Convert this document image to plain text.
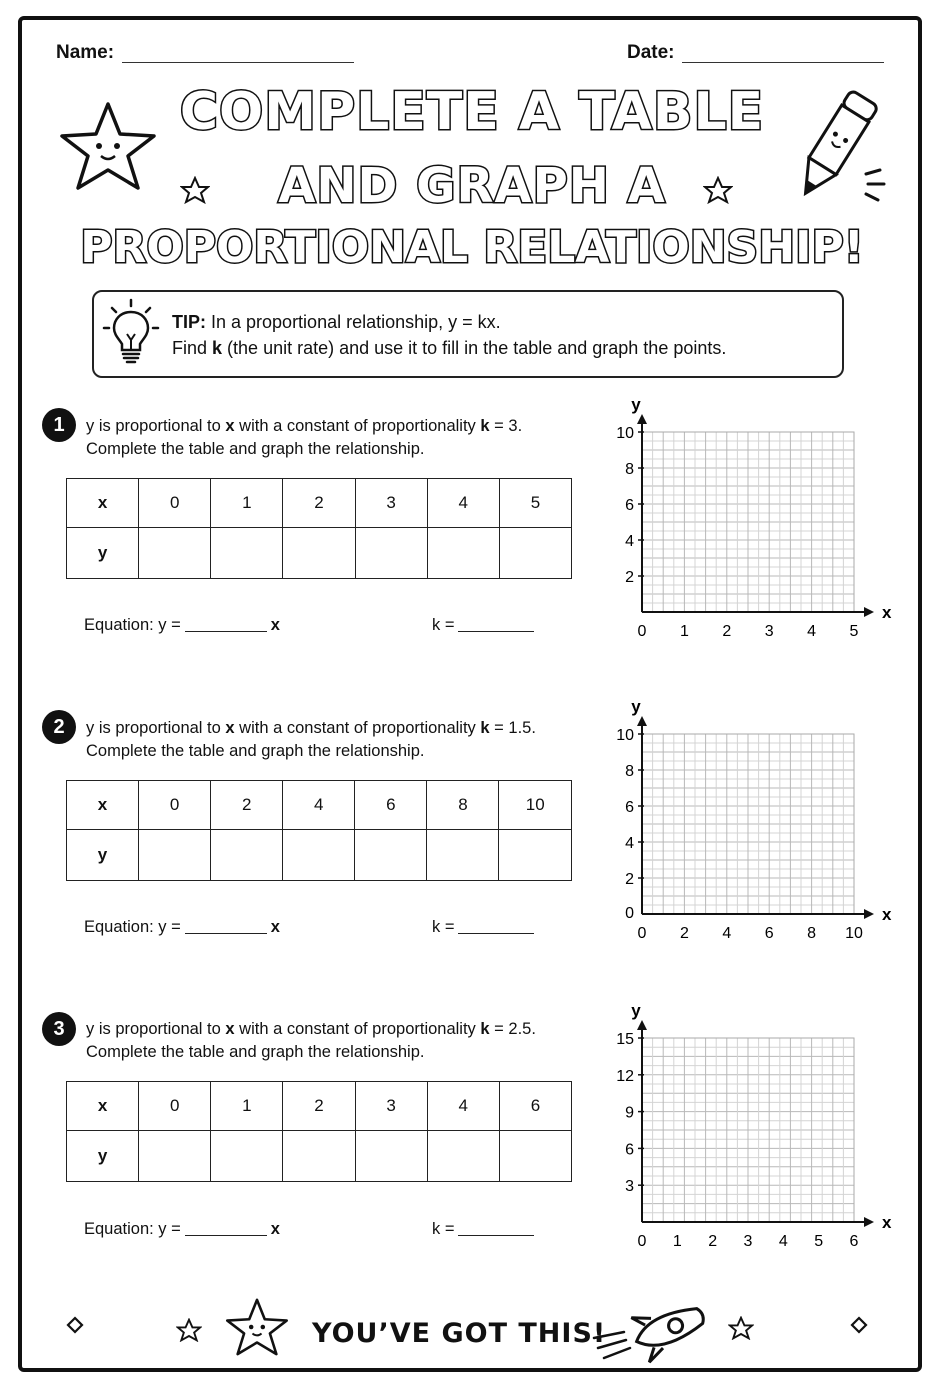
Name:	Date:
COMPLETE A TABLE
AND GRAPH A
PROPORTIONAL RELATIONSHIP!
TIP: In a proportional relationship, y = kx.
Find k (the unit rate) and use it to fill in the table and graph the points.
1	y is proportional to x with a constant of proportionality k = 3.
Complete the table and graph the relationship.
x	0	1	2	3	4	5
y						
Equation: y =	x	k =
x
y
0 1 2 3 4 5
2
4
6
8
10
2	y is proportional to x with a constant of proportionality k = 1.5.
Complete the table and graph the relationship.
x	0	2	4	6	8	10
y						
Equation: y =	x	k =
x
y
0 2 4 6 8 10
2
4
6
8
10
0
3	y is proportional to x with a constant of proportionality k = 2.5.
Complete the table and graph the relationship.
x	0	1	2	3	4	6
y						
Equation: y =	x	k =	x
y
0 1 2 3 4 5 6
3
6
9
12
15
YOU’VE GOT THIS!
